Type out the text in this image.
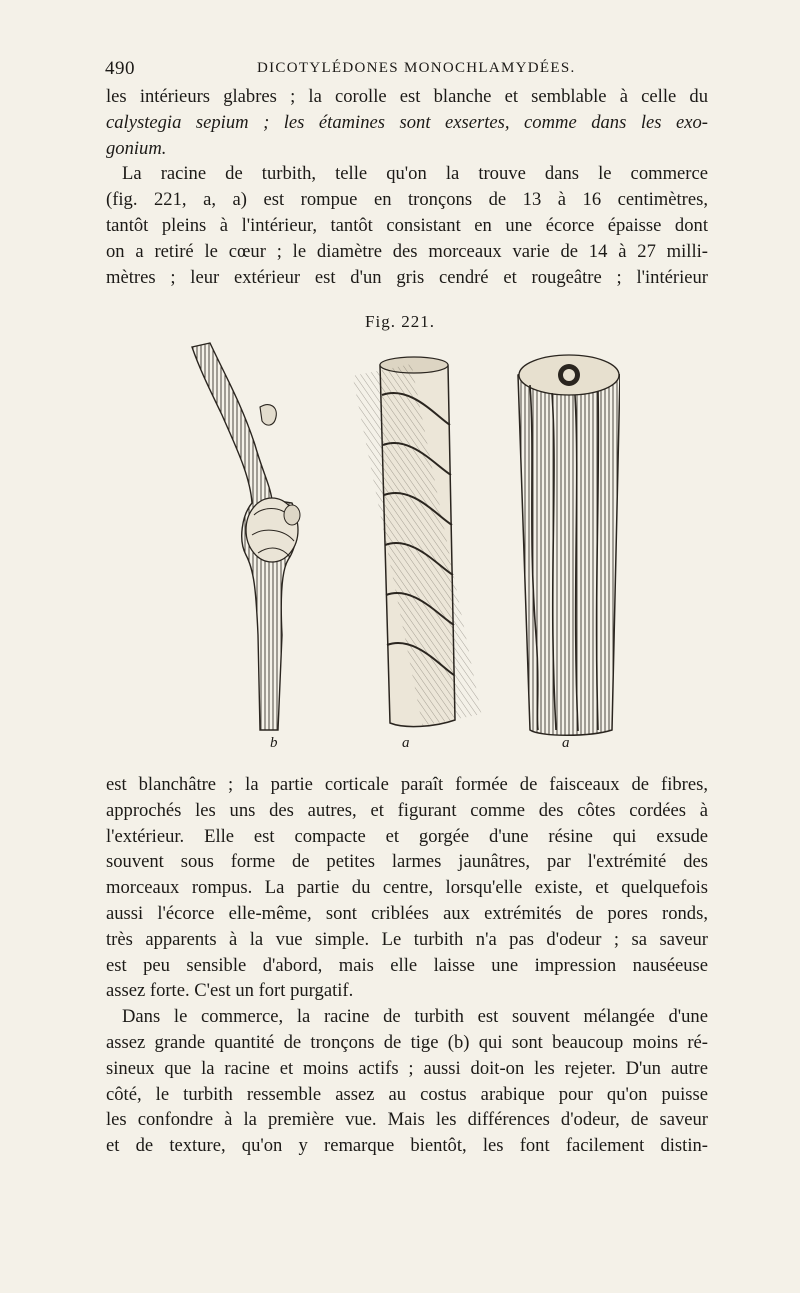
490	DICOTYLÉDONES MONOCHLAMYDÉES.
les intérieurs glabres ; la corolle est blanche et semblable à celle du
calystegia sepium ; les étamines sont exsertes, comme dans les exo-
gonium.
La racine de turbith, telle qu'on la trouve dans le commerce
(fig. 221, a, a) est rompue en tronçons de 13 à 16 centimètres,
tantôt pleins à l'intérieur, tantôt consistant en une écorce épaisse dont
on a retiré le cœur ; le diamètre des morceaux varie de 14 à 27 milli-
mètres ; leur extérieur est d'un gris cendré et rougeâtre ; l'intérieur
Fig. 221.
b	a	a
est blanchâtre ; la partie corticale paraît formée de faisceaux de fibres,
approchés les uns des autres, et figurant comme des côtes cordées à
l'extérieur. Elle est compacte et gorgée d'une résine qui exsude
souvent sous forme de petites larmes jaunâtres, par l'extrémité des
morceaux rompus. La partie du centre, lorsqu'elle existe, et quelquefois
aussi l'écorce elle-même, sont criblées aux extrémités de pores ronds,
très apparents à la vue simple. Le turbith n'a pas d'odeur ; sa saveur
est peu sensible d'abord, mais elle laisse une impression nauséeuse
assez forte. C'est un fort purgatif.
Dans le commerce, la racine de turbith est souvent mélangée d'une
assez grande quantité de tronçons de tige (b) qui sont beaucoup moins ré-
sineux que la racine et moins actifs ; aussi doit-on les rejeter. D'un autre
côté, le turbith ressemble assez au costus arabique pour qu'on puisse
les confondre à la première vue. Mais les différences d'odeur, de saveur
et de texture, qu'on y remarque bientôt, les font facilement distin-
